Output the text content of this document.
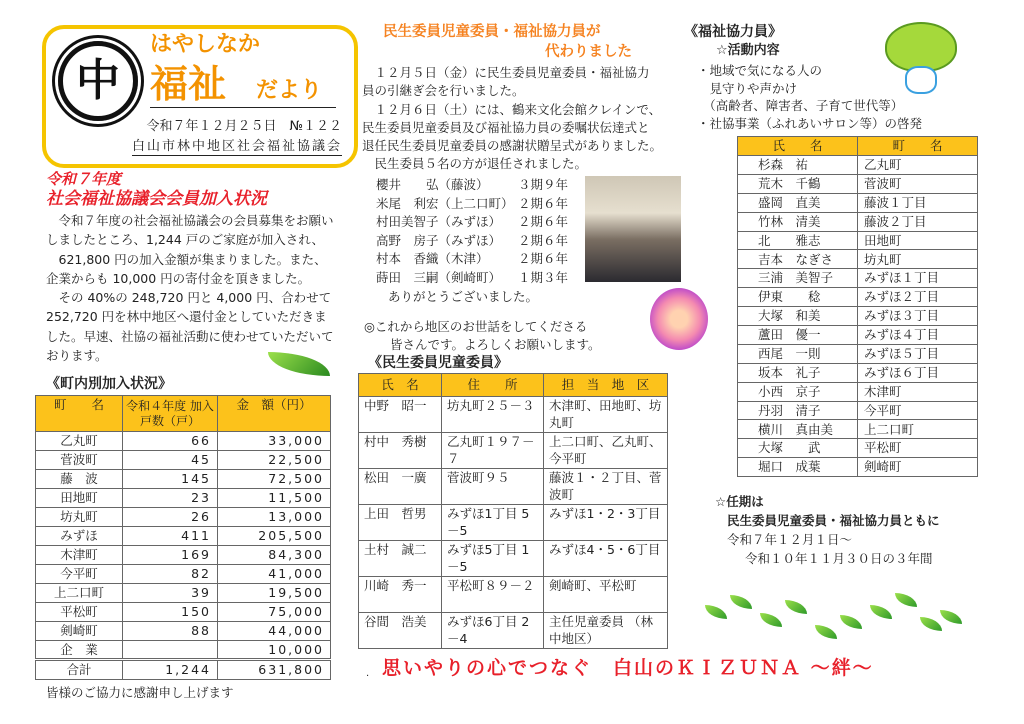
中
はやしなか
福祉 だより
令和７年１２月２５日　№１２２
白山市林中地区社会福祉協議会
令和７年度
社会福祉協議会会員加入状況
　令和７年度の社会福祉協議会の会員募集をお願い
しましたところ、1,244 戸のご家庭が加入され、
　621,800 円の加入金額が集まりました。また、
企業からも 10,000 円の寄付金を頂きました。
　その 40%の 248,720 円と 4,000 円、合わせて
252,720 円を林中地区へ還付金としていただきま
した。早速、社協の福祉活動に使わせていただいて
おります。
《町内別加入状況》
町　　名	令和４年度 加入戸数（戸）	金　額（円）
乙丸町	66	33,000
菅波町	45	22,500
藤　波	145	72,500
田地町	23	11,500
坊丸町	26	13,000
みずほ	411	205,500
木津町	169	84,300
今平町	82	41,000
上二口町	39	19,500
平松町	150	75,000
剣崎町	88	44,000
企　業		10,000
合計	1,244	631,800
皆様のご協力に感謝申し上げます
民生委員児童委員・福祉協力員が
代わりました
　１２月５日（金）に民生委員児童委員・福祉協力
員の引継ぎ会を行いました。
　１２月６日（土）には、鶴来文化会館クレインで、
民生委員児童委員及び福祉協力員の委嘱状伝達式と
退任民生委員児童委員の感謝状贈呈式がありました。
　民生委員５名の方が退任されました。
櫻井　　弘（藤波）	３期９年
米尾　利宏（上二口町） ２期６年
村田美智子（みずほ）	２期６年
高野　房子（みずほ）	２期６年
村本　香織（木津）	２期６年
蒔田　三嗣（剣崎町）	１期３年
ありがとうございました。
◎これから地区のお世話をしてくださる
皆さんです。よろしくお願いします。
《民生委員児童委員》
氏　名	住　　所	担　当　地　区
中野　昭一	坊丸町２５－３	木津町、田地町、坊丸町
村中　秀樹	乙丸町１９７－７	上二口町、乙丸町、今平町
松田　一廣	菅波町９５	藤波１・２丁目、菅波町
上田　哲男	みずほ1丁目 5－5	みずほ1・2・3丁目
土村　誠二	みずほ5丁目 1－5	みずほ4・5・6丁目
川崎　秀一	平松町８９－２	剣崎町、平松町
谷間　浩美	みずほ6丁目 2－4	主任児童委員 （林中地区）
《福祉協力員》
☆活動内容
・地域で気になる人の
　見守りや声かけ
　（高齢者、障害者、子育て世代等）
・社協事業（ふれあいサロン等）の啓発
氏　　名	町　　名
杉森　祐	乙丸町
荒木　千鶴	菅波町
盛岡　直美	藤波１丁目
竹林　清美	藤波２丁目
北　　雅志	田地町
吉本　なぎさ	坊丸町
三浦　美智子	みずほ１丁目
伊東　　稔	みずほ２丁目
大塚　和美	みずほ３丁目
蘆田　優一	みずほ４丁目
西尾　一則	みずほ５丁目
坂本　礼子	みずほ６丁目
小西　京子	木津町
丹羽　清子	今平町
横川　真由美	上二口町
大塚　　武	平松町
堀口　成葉	剣崎町
☆任期は
民生委員児童委員・福祉協力員ともに
令和７年１２月１日～
令和１０年１１月３０日の３年間
· 思いやりの心でつなぐ　白山のＫＩＺＵＮＡ ～絆～
